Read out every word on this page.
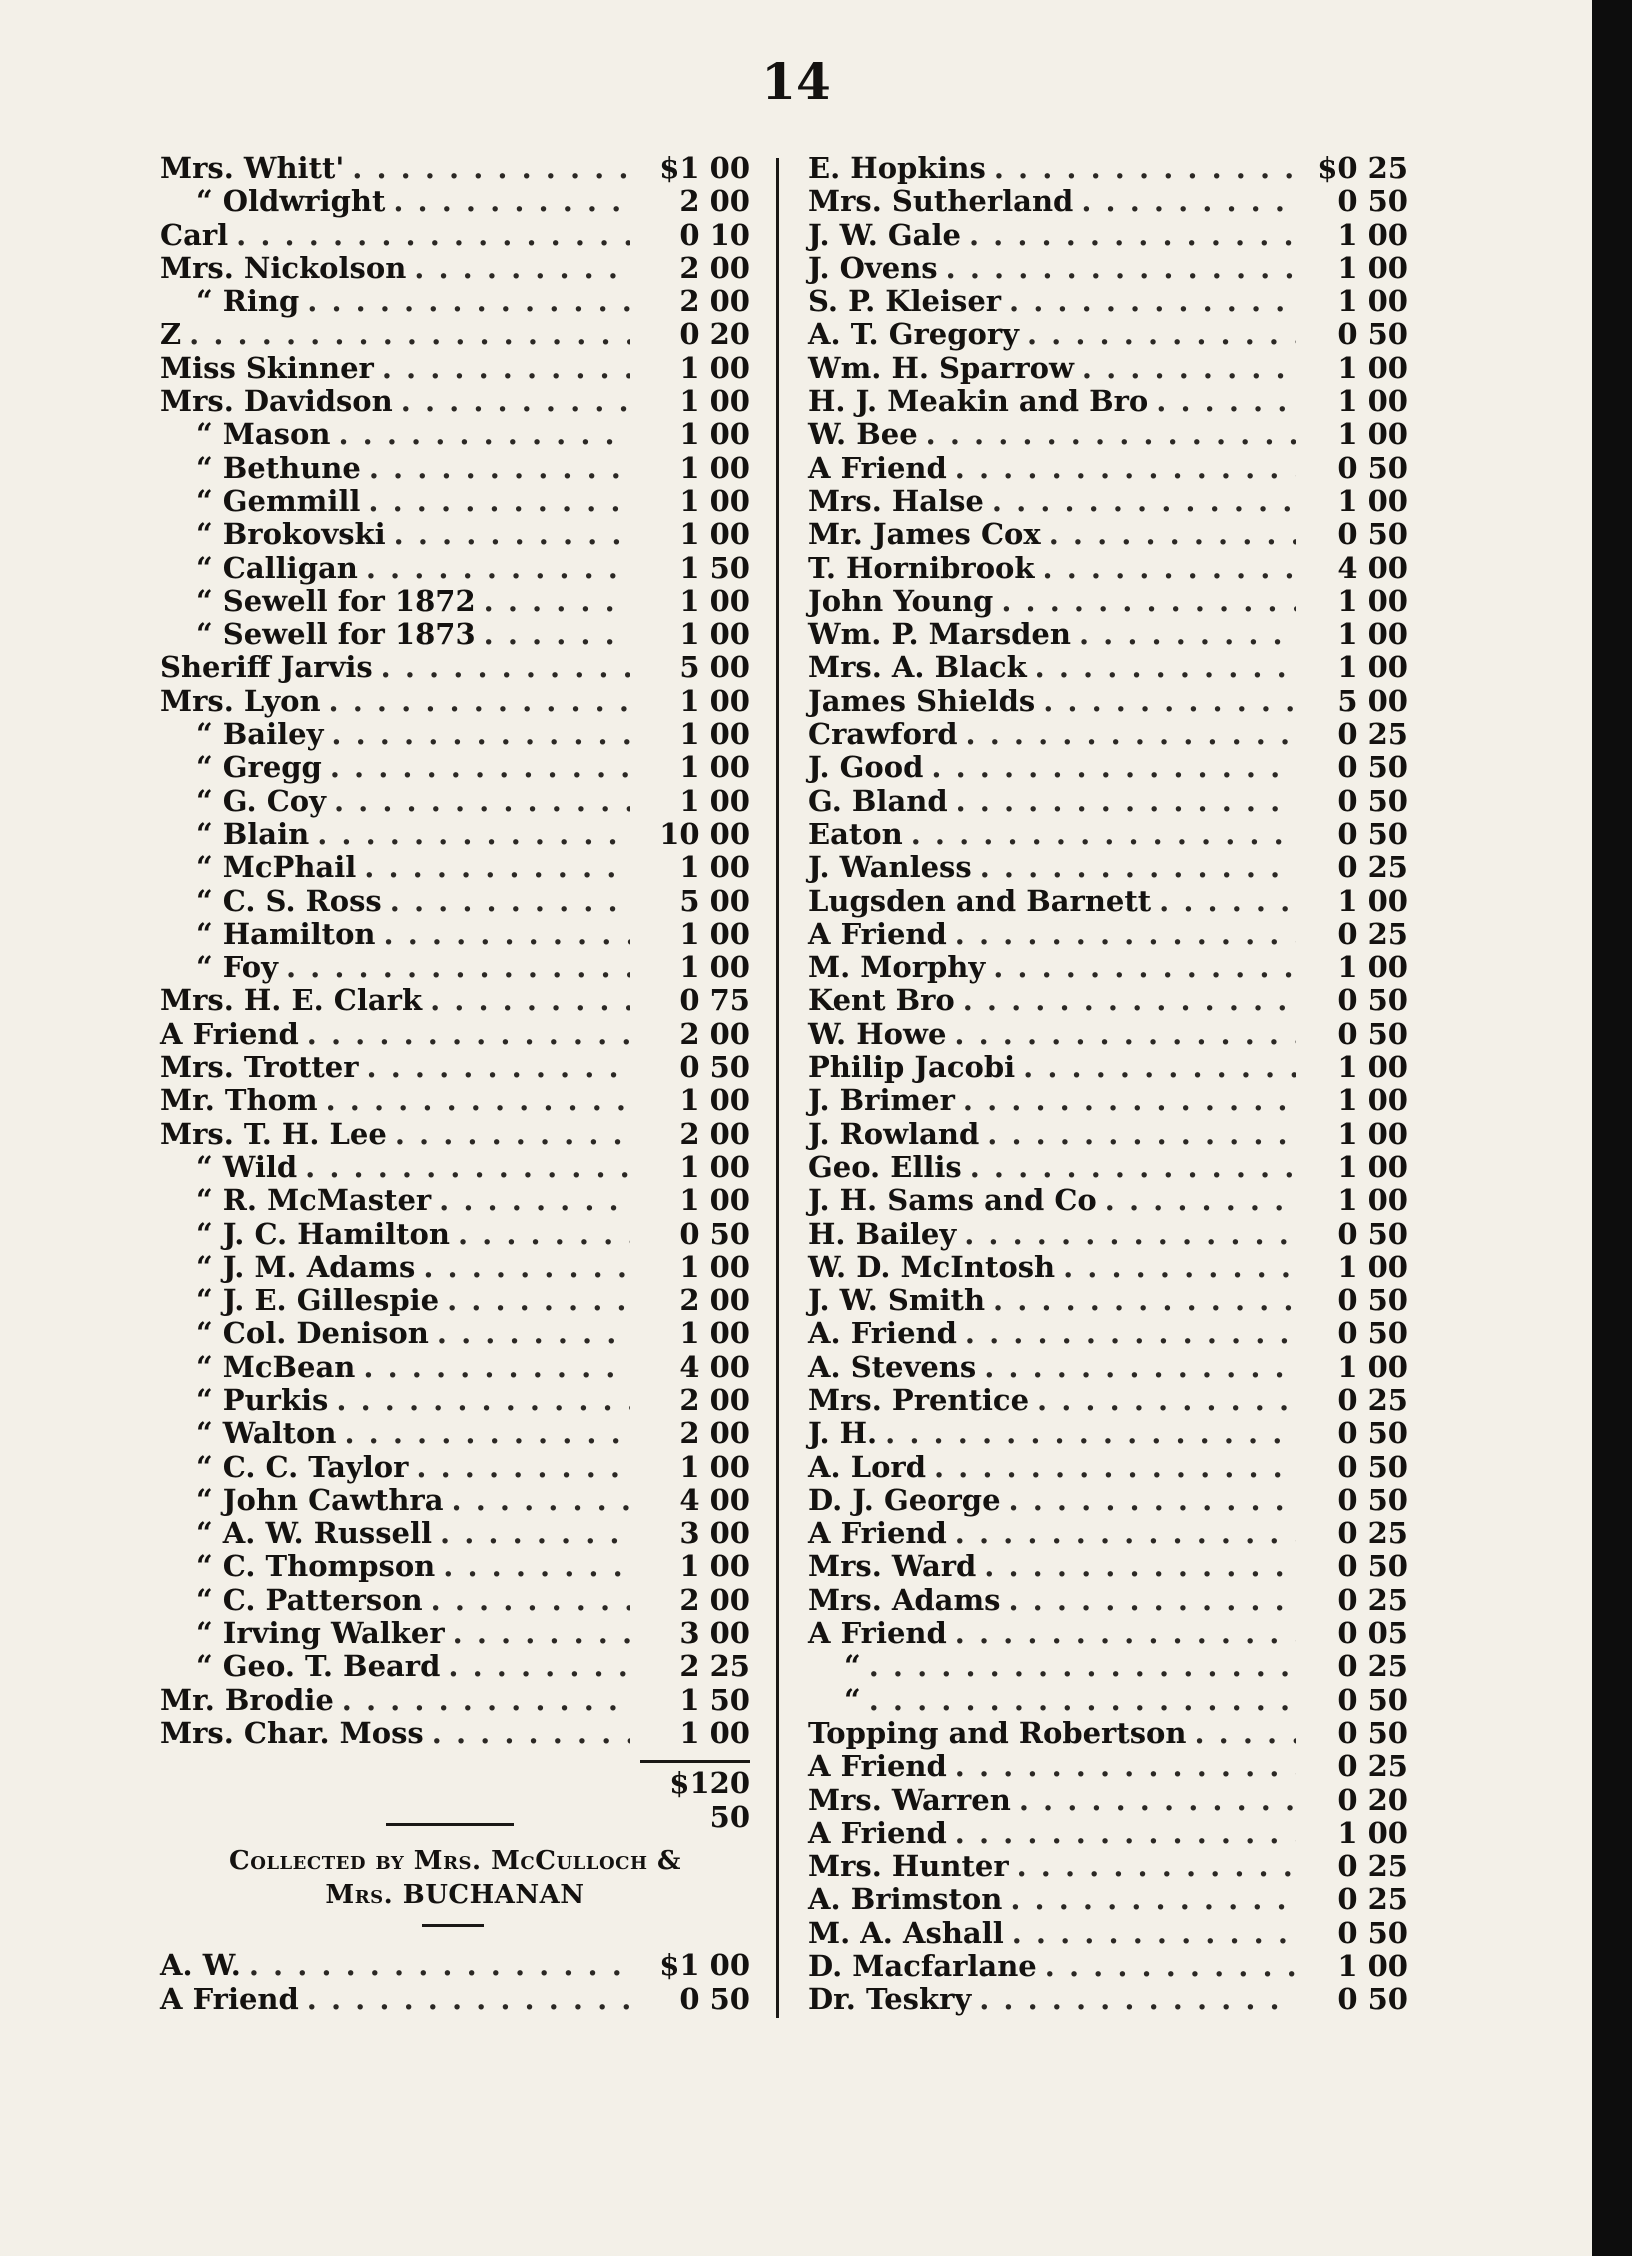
14
Mrs. Whitt' . . .	$1 00
“ Oldwright . . .	2 00
Carl . . .	0 10
Mrs. Nickolson . . .	2 00
“ Ring . . .	2 00
Z . . .	0 20
Miss Skinner . . .	1 00
Mrs. Davidson . . .	1 00
“ Mason . . .	1 00
“ Bethune . . .	1 00
“ Gemmill . . .	1 00
“ Brokovski . . .	1 00
“ Calligan . . .	1 50
“ Sewell for 1872 . . .	1 00
“ Sewell for 1873 . . .	1 00
Sheriff Jarvis . . .	5 00
Mrs. Lyon . . .	1 00
“ Bailey . . .	1 00
“ Gregg . . .	1 00
“ G. Coy . . .	1 00
“ Blain . . .	10 00
“ McPhail . . .	1 00
“ C. S. Ross . . .	5 00
“ Hamilton . . .	1 00
“ Foy . . .	1 00
Mrs. H. E. Clark . . .	0 75
A Friend . . .	2 00
Mrs. Trotter . . .	0 50
Mr. Thom . . .	1 00
Mrs. T. H. Lee . . .	2 00
“ Wild . . .	1 00
“ R. McMaster . . .	1 00
“ J. C. Hamilton . . .	0 50
“ J. M. Adams . . .	1 00
“ J. E. Gillespie . . .	2 00
“ Col. Denison . . .	1 00
“ McBean . . .	4 00
“ Purkis . . .	2 00
“ Walton . . .	2 00
“ C. C. Taylor . . .	1 00
“ John Cawthra . . .	4 00
“ A. W. Russell . . .	3 00
“ C. Thompson . . .	1 00
“ C. Patterson . . .	2 00
“ Irving Walker . . .	3 00
“ Geo. T. Beard . . .	2 25
Mr. Brodie . . .	1 50
Mrs. Char. Moss . . .	1 00
$120 50
Collected by Mrs. McCulloch &
Mrs. BUCHANAN
A. W. . . .	$1 00
A Friend . . .	0 50
E. Hopkins . . .	$0 25
Mrs. Sutherland . . .	0 50
J. W. Gale . . .	1 00
J. Ovens . . .	1 00
S. P. Kleiser . . .	1 00
A. T. Gregory . . .	0 50
Wm. H. Sparrow . . .	1 00
H. J. Meakin and Bro . . .	1 00
W. Bee . . .	1 00
A Friend . . .	0 50
Mrs. Halse . . .	1 00
Mr. James Cox . . .	0 50
T. Hornibrook . . .	4 00
John Young . . .	1 00
Wm. P. Marsden . . .	1 00
Mrs. A. Black . . .	1 00
James Shields . . .	5 00
Crawford . . .	0 25
J. Good . . .	0 50
G. Bland . . .	0 50
Eaton . . .	0 50
J. Wanless . . .	0 25
Lugsden and Barnett . . .	1 00
A Friend . . .	0 25
M. Morphy . . .	1 00
Kent Bro . . .	0 50
W. Howe . . .	0 50
Philip Jacobi . . .	1 00
J. Brimer . . .	1 00
J. Rowland . . .	1 00
Geo. Ellis . . .	1 00
J. H. Sams and Co . . .	1 00
H. Bailey . . .	0 50
W. D. McIntosh . . .	1 00
J. W. Smith . . .	0 50
A. Friend . . .	0 50
A. Stevens . . .	1 00
Mrs. Prentice . . .	0 25
J. H. . . .	0 50
A. Lord . . .	0 50
D. J. George . . .	0 50
A Friend . . .	0 25
Mrs. Ward . . .	0 50
Mrs. Adams . . .	0 25
A Friend . . .	0 05
“ . . .	0 25
“ . . .	0 50
Topping and Robertson . . .	0 50
A Friend . . .	0 25
Mrs. Warren . . .	0 20
A Friend . . .	1 00
Mrs. Hunter . . .	0 25
A. Brimston . . .	0 25
M. A. Ashall . . .	0 50
D. Macfarlane . . .	1 00
Dr. Teskry . . .	0 50
